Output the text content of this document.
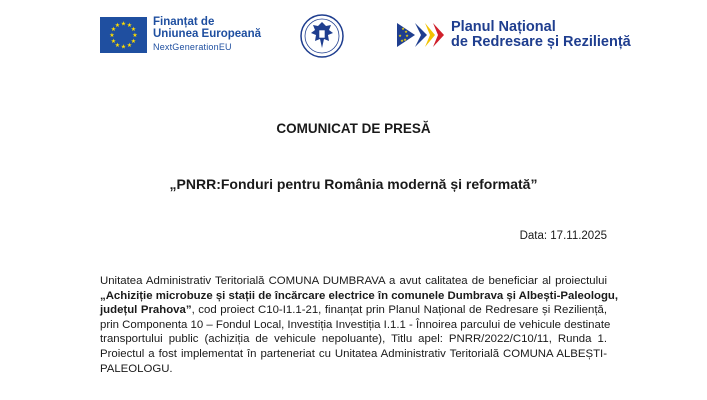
★ ★
★
★
★
★
★
★
★
★
★
★	Finanțat de
Uniunea Europeană
NextGenerationEU
★
★
★
★
★
★
Planul Național
de Redresare și Reziliență
COMUNICAT DE PRESĂ
„PNRR:Fonduri pentru România modernă și reformată”
Data: 17.11.2025
Unitatea Administrativ Teritorială COMUNA DUMBRAVA a avut calitatea de beneficiar al proiectului
„Achiziție microbuze și stații de încărcare electrice în comunele Dumbrava și Albești-Paleologu,
județul Prahova”, cod proiect C10-I1.1-21, finanțat prin Planul Național de Redresare și Reziliență,
prin Componenta 10 – Fondul Local, Investiția Investiția I.1.1 - Înnoirea parcului de vehicule destinate
transportului public (achiziția de vehicule nepoluante), Titlu apel: PNRR/2022/C10/11, Runda 1.
Proiectul a fost implementat în parteneriat cu Unitatea Administrativ Teritorială COMUNA ALBEȘTI-
PALEOLOGU.
